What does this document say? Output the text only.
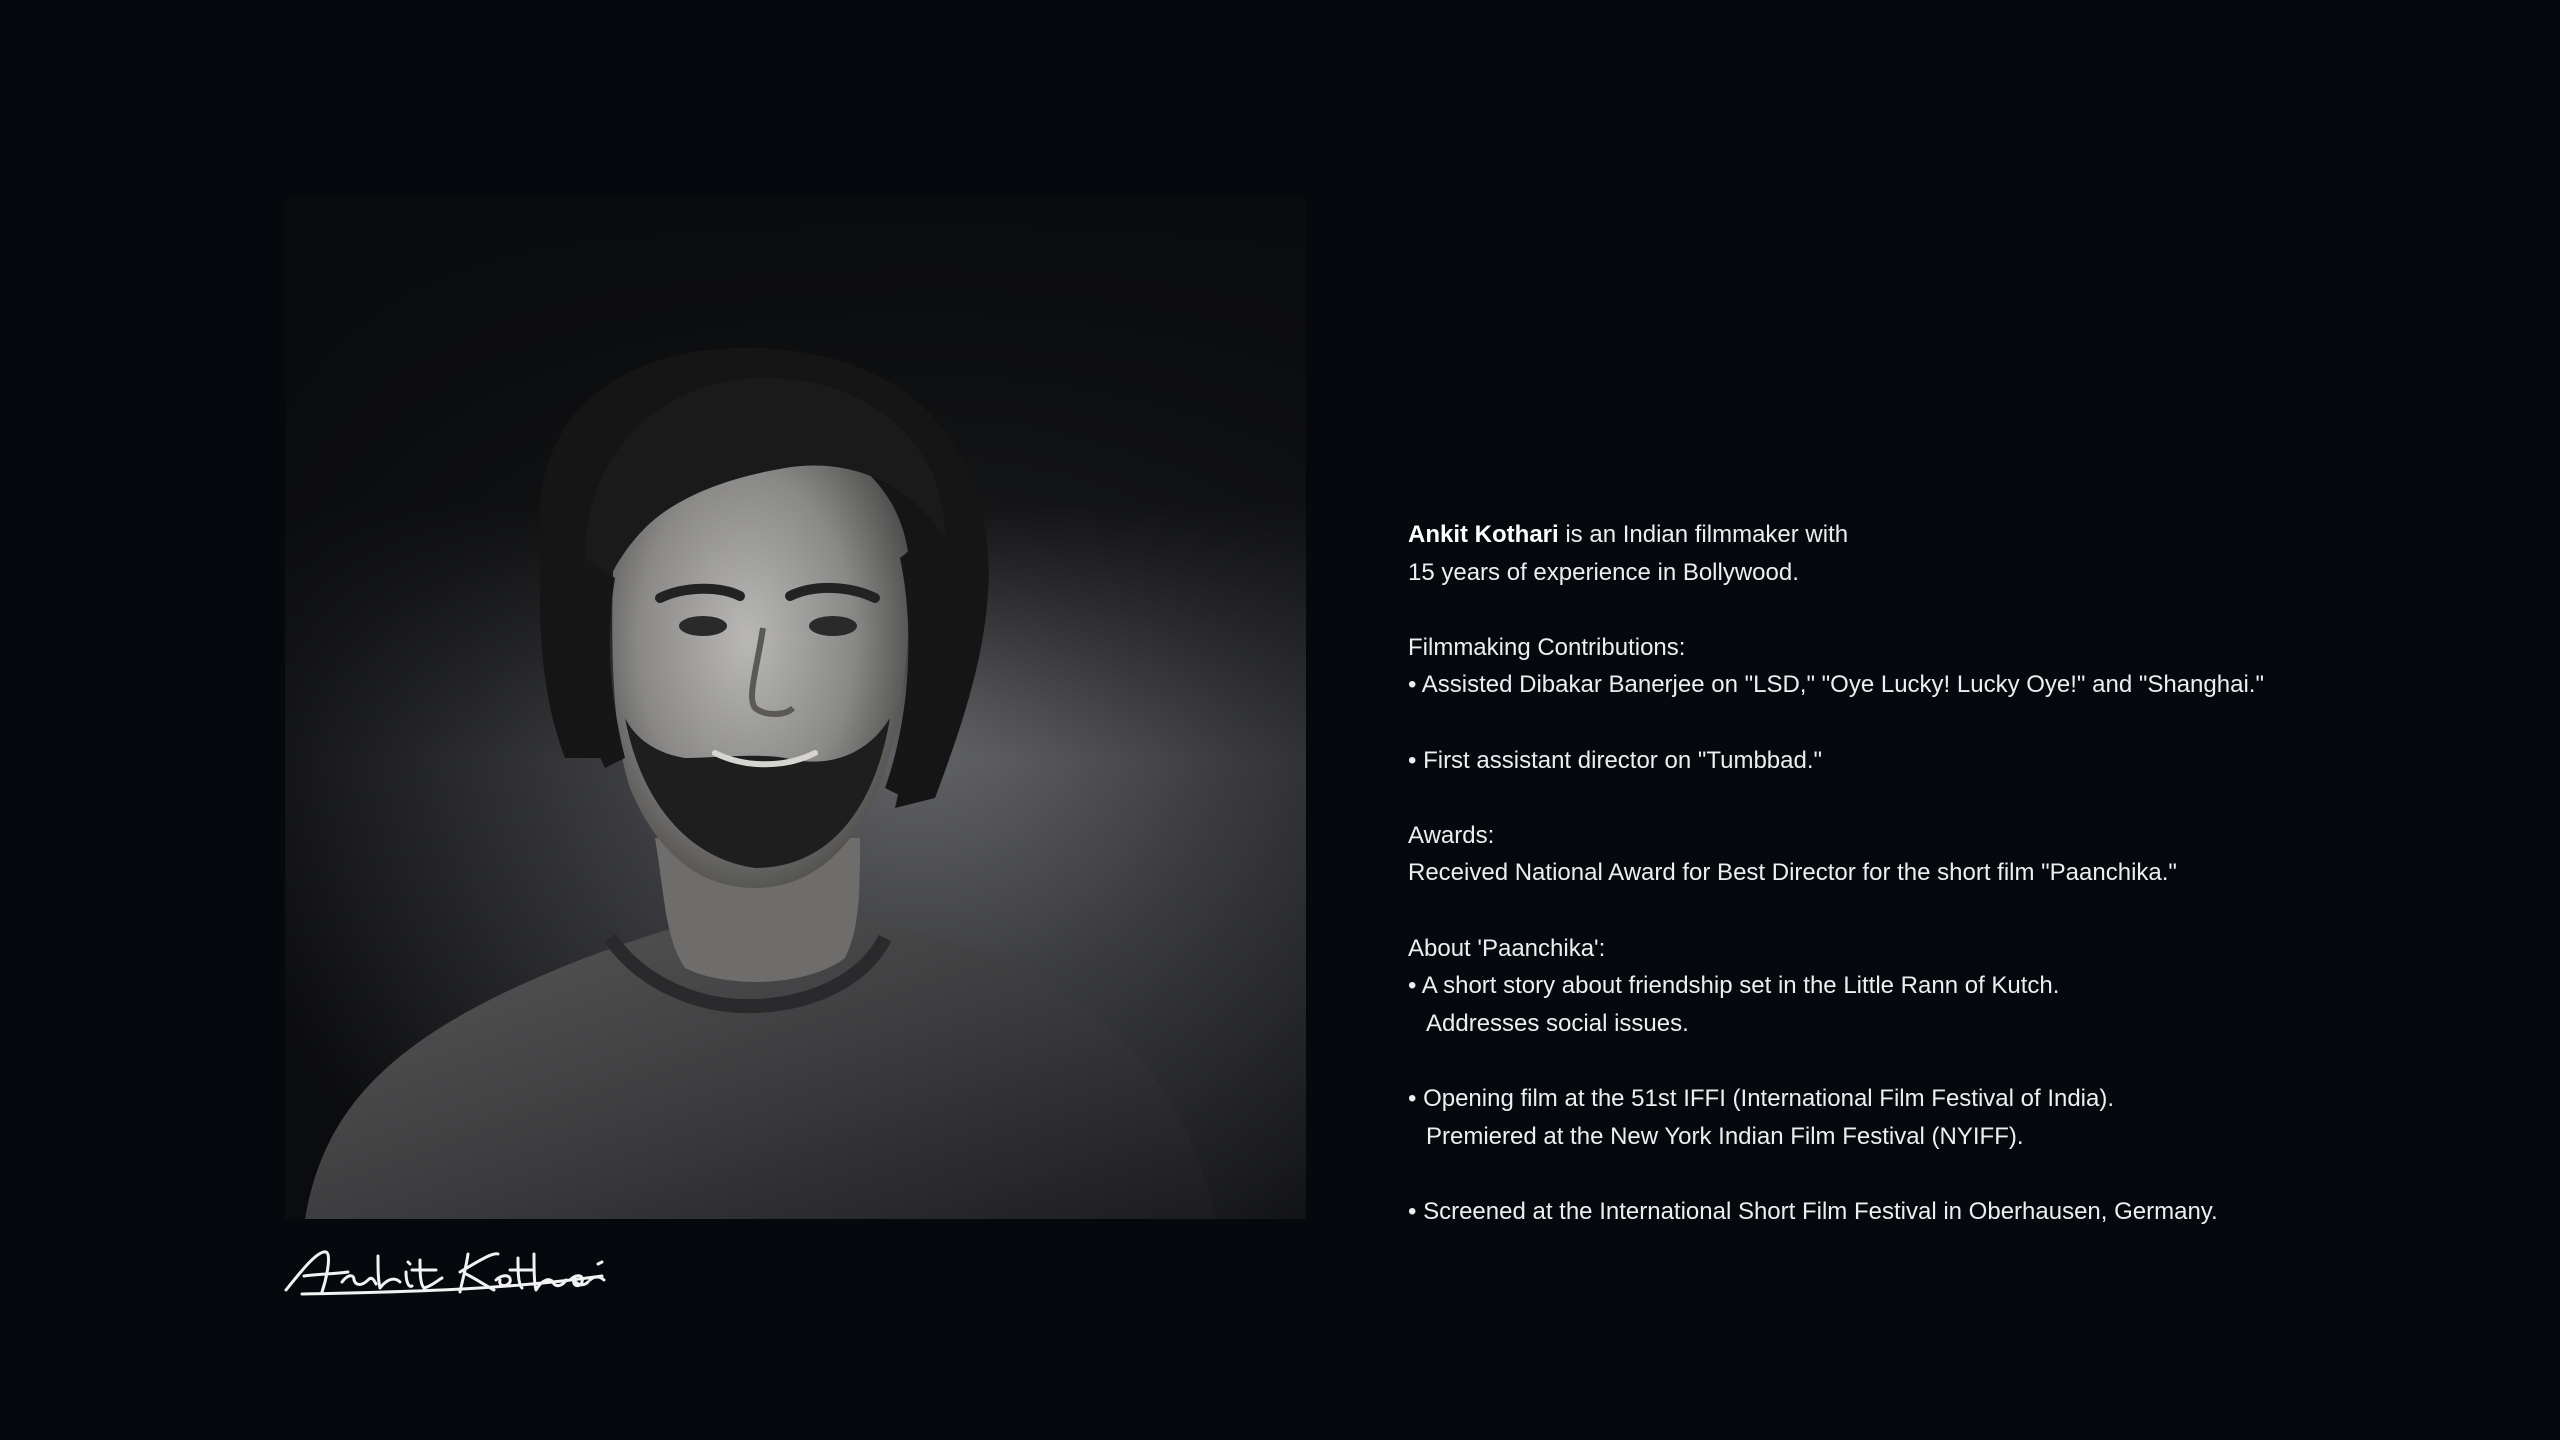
Ankit Kothari is an Indian filmmaker with

15 years of experience in Bollywood.

Filmmaking Contributions:

• Assisted Dibakar Banerjee on "LSD," "Oye Lucky! Lucky Oye!" and "Shanghai."

• First assistant director on "Tumbbad."

Awards:

Received National Award for Best Director for the short film "Paanchika."

About 'Paanchika':

• A short story about friendship set in the Little Rann of Kutch.

Addresses social issues.

• Opening film at the 51st IFFI (International Film Festival of India).

Premiered at the New York Indian Film Festival (NYIFF).

• Screened at the International Short Film Festival in Oberhausen, Germany.
